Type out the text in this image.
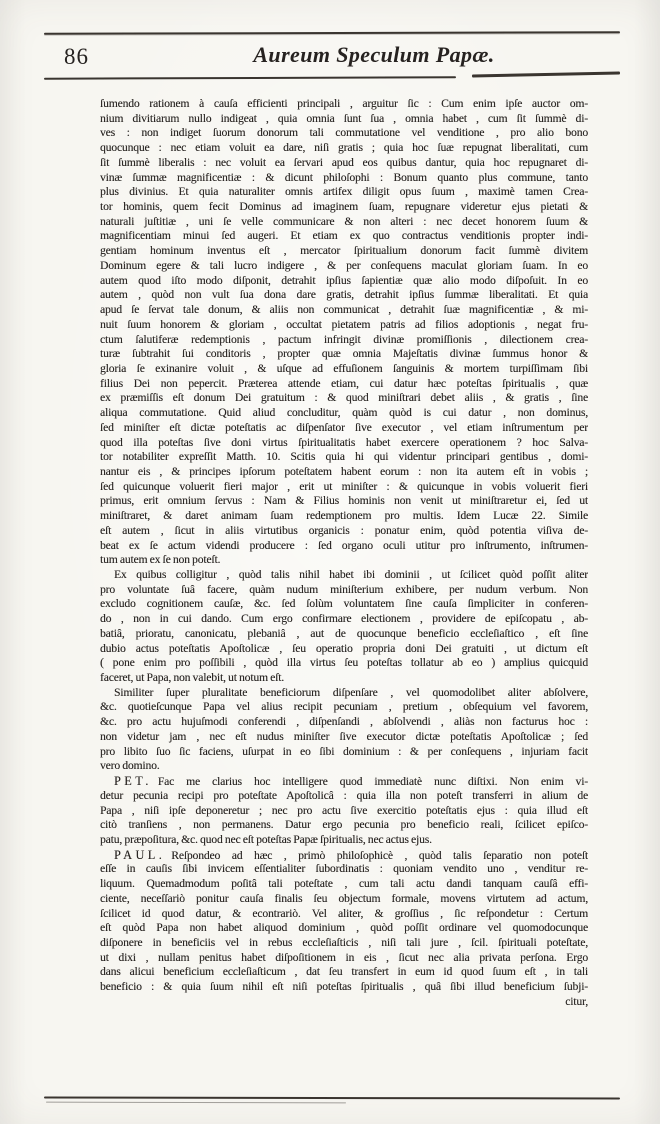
86	Aureum Speculum Papæ.
ſumendo rationem à cauſa efficienti principali , arguitur ſic : Cum enim ipſe auctor om-
nium divitiarum nullo indigeat , quia omnia ſunt ſua , omnia habet , cum ſit ſummè di-
ves : non indiget ſuorum donorum tali commutatione vel venditione , pro alio bono
quocunque : nec etiam voluit ea dare, niſi gratis ; quia hoc ſuæ repugnat liberalitati, cum
ſit ſummè liberalis : nec voluit ea ſervari apud eos quibus dantur, quia hoc repugnaret di-
vinæ ſummæ magnificentiæ : & dicunt philoſophi : Bonum quanto plus commune, tanto
plus divinius. Et quia naturaliter omnis artifex diligit opus ſuum , maximè tamen Crea-
tor hominis, quem fecit Dominus ad imaginem ſuam, repugnare videretur ejus pietati &
naturali juſtitiæ , uni ſe velle communicare & non alteri : nec decet honorem ſuum &
magnificentiam minui ſed augeri. Et etiam ex quo contractus venditionis propter indi-
gentiam hominum inventus eſt , mercator ſpiritualium donorum facit ſummè divitem
Dominum egere & tali lucro indigere , & per conſequens maculat gloriam ſuam. In eo
autem quod iſto modo diſponit, detrahit ipſius ſapientiæ quæ alio modo diſpoſuit. In eo
autem , quòd non vult ſua dona dare gratis, detrahit ipſius ſummæ liberalitati. Et quia
apud ſe ſervat tale donum, & aliis non communicat , detrahit ſuæ magnificentiæ , & mi-
nuit ſuum honorem & gloriam , occultat pietatem patris ad filios adoptionis , negat fru-
ctum ſalutiferæ redemptionis , pactum infringit divinæ promiſſionis , dilectionem crea-
turæ ſubtrahit ſui conditoris , propter quæ omnia Majeſtatis divinæ ſummus honor &
gloria ſe exinanire voluit , & uſque ad effuſionem ſanguinis & mortem turpiſſimam ſibi
filius Dei non pepercit. Præterea attende etiam, cui datur hæc poteſtas ſpiritualis , quæ
ex præmiſſis eſt donum Dei gratuitum : & quod miniſtrari debet aliis , & gratis , ſine
aliqua commutatione. Quid aliud concluditur, quàm quòd is cui datur , non dominus,
ſed miniſter eſt dictæ poteſtatis ac diſpenſator ſive executor , vel etiam inſtrumentum per
quod illa poteſtas ſive doni virtus ſpiritualitatis habet exercere operationem ? hoc Salva-
tor notabiliter expreſſit Matth. 10. Scitis quia hi qui videntur principari gentibus , domi-
nantur eis , & principes ipſorum poteſtatem habent eorum : non ita autem eſt in vobis ;
ſed quicunque voluerit fieri major , erit ut miniſter : & quicunque in vobis voluerit fieri
primus, erit omnium ſervus : Nam & Filius hominis non venit ut miniſtraretur ei, ſed ut
miniſtraret, & daret animam ſuam redemptionem pro multis. Idem Lucæ 22. Simile
eſt autem , ſicut in aliis virtutibus organicis : ponatur enim, quòd potentia viſiva de-
beat ex ſe actum videndi producere : ſed organo oculi utitur pro inſtrumento, inſtrumen-
tum autem ex ſe non poteſt.
Ex quibus colligitur , quòd talis nihil habet ibi dominii , ut ſcilicet quòd poſſit aliter
pro voluntate ſuâ facere, quàm nudum miniſterium exhibere, per nudum verbum. Non
excludo cognitionem cauſæ, &c. ſed ſolùm voluntatem ſine cauſa ſimpliciter in conferen-
do , non in cui dando. Cum ergo confirmare electionem , providere de epiſcopatu , ab-
batiâ, prioratu, canonicatu, plebaniâ , aut de quocunque beneficio eccleſiaſtico , eſt ſine
dubio actus poteſtatis Apoſtolicæ , ſeu operatio propria doni Dei gratuiti , ut dictum eſt
( pone enim pro poſſibili , quòd illa virtus ſeu poteſtas tollatur ab eo ) amplius quicquid
faceret, ut Papa, non valebit, ut notum eſt.
Similiter ſuper pluralitate beneficiorum diſpenſare , vel quomodolibet aliter abſolvere,
&c. quotieſcunque Papa vel alius recipit pecuniam , pretium , obſequium vel favorem,
&c. pro actu hujuſmodi conferendi , diſpenſandi , abſolvendi , aliàs non facturus hoc :
non videtur jam , nec eſt nudus miniſter ſive executor dictæ poteſtatis Apoſtolicæ ; ſed
pro libito ſuo ſic faciens, uſurpat in eo ſibi dominium : & per conſequens , injuriam facit
vero domino.
PET. Fac me clarius hoc intelligere quod immediatè nunc diſtixi. Non enim vi-
detur pecunia recipi pro poteſtate Apoſtolicâ : quia illa non poteſt transferri in alium de
Papa , niſi ipſe deponeretur ; nec pro actu ſive exercitio poteſtatis ejus : quia illud eſt
citò tranſiens , non permanens. Datur ergo pecunia pro beneficio reali, ſcilicet epiſco-
patu, præpoſitura, &c. quod nec eſt poteſtas Papæ ſpiritualis, nec actus ejus.
PAUL. Reſpondeo ad hæc , primò philoſophicè , quòd talis ſeparatio non poteſt
eſſe in cauſis ſibi invicem eſſentialiter ſubordinatis : quoniam vendito uno , venditur re-
liquum. Quemadmodum poſitâ tali poteſtate , cum tali actu dandi tanquam cauſâ effi-
ciente, neceſſariò ponitur cauſa finalis ſeu objectum formale, movens virtutem ad actum,
ſcilicet id quod datur, & econtrariò. Vel aliter, & groſſius , ſic reſpondetur : Certum
eſt quòd Papa non habet aliquod dominium , quòd poſſit ordinare vel quomodocunque
diſponere in beneficiis vel in rebus eccleſiaſticis , niſi tali jure , ſcil. ſpirituali poteſtate,
ut dixi , nullam penitus habet diſpoſitionem in eis , ſicut nec alia privata perſona. Ergo
dans alicui beneficium eccleſiaſticum , dat ſeu transfert in eum id quod ſuum eſt , in tali
beneficio : & quia ſuum nihil eſt niſi poteſtas ſpiritualis , quâ ſibi illud beneficium ſubji-
citur,
